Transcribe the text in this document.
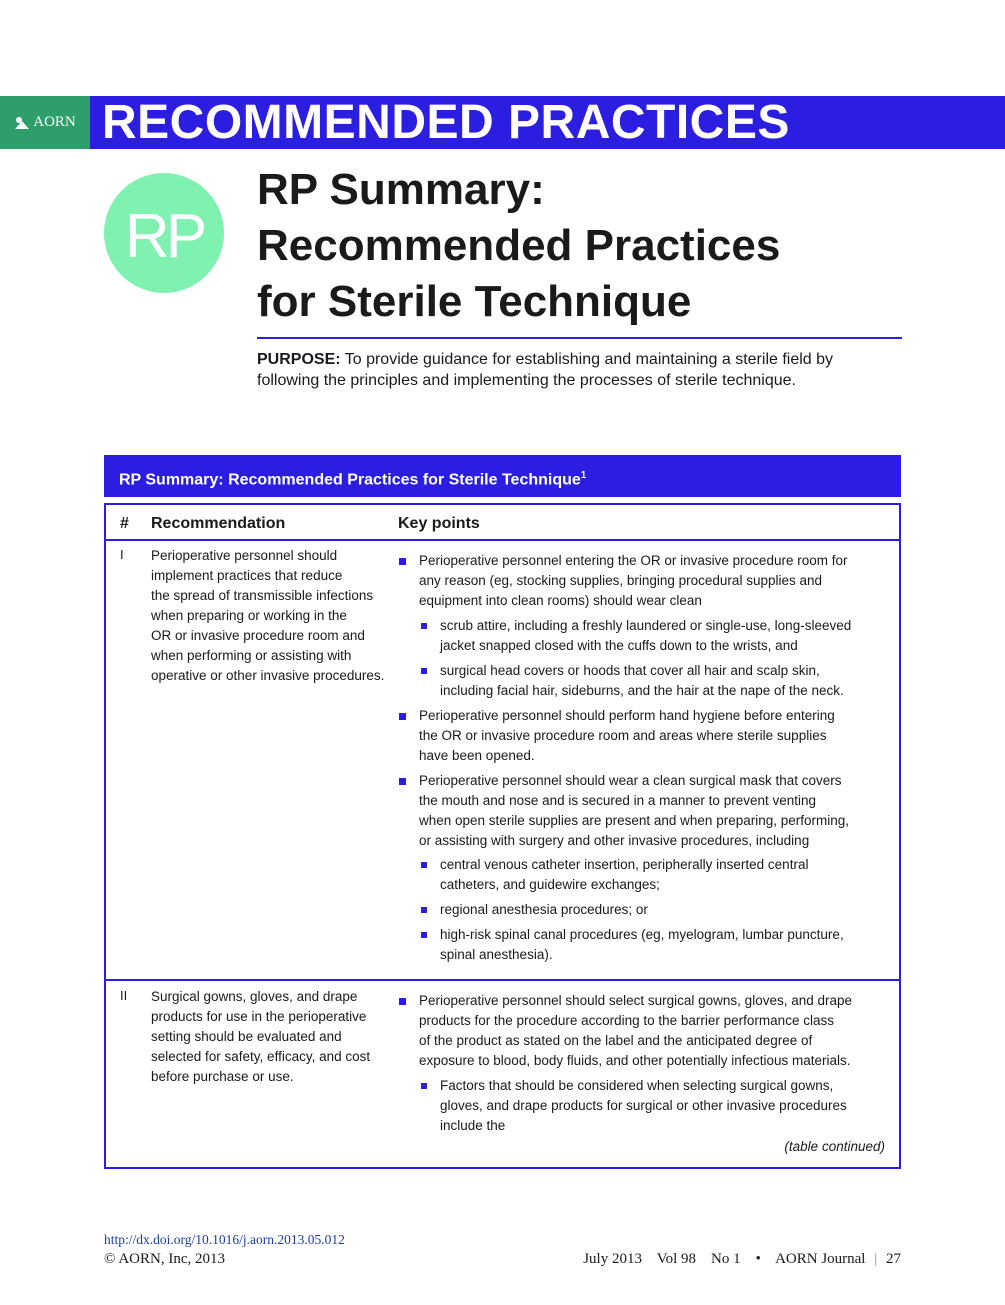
AORN RECOMMENDED PRACTICES
RP
RP Summary:
Recommended Practices
for Sterile Technique
PURPOSE: To provide guidance for establishing and maintaining a sterile field by following the principles and implementing the processes of sterile technique.
RP Summary: Recommended Practices for Sterile Technique$^1$
# Recommendation	Key points
I Perioperative personnel should
implement practices that reduce
the spread of transmissible infections
when preparing or working in the
OR or invasive procedure room and
when performing or assisting with
operative or other invasive procedures.
Perioperative personnel entering the OR or invasive procedure room for
any reason (eg, stocking supplies, bringing procedural supplies and
equipment into clean rooms) should wear clean
scrub attire, including a freshly laundered or single-use, long-sleeved
jacket snapped closed with the cuffs down to the wrists, and
surgical head covers or hoods that cover all hair and scalp skin,
including facial hair, sideburns, and the hair at the nape of the neck.
Perioperative personnel should perform hand hygiene before entering
the OR or invasive procedure room and areas where sterile supplies
have been opened.
Perioperative personnel should wear a clean surgical mask that covers
the mouth and nose and is secured in a manner to prevent venting
when open sterile supplies are present and when preparing, performing,
or assisting with surgery and other invasive procedures, including
central venous catheter insertion, peripherally inserted central
catheters, and guidewire exchanges;
regional anesthesia procedures; or
high-risk spinal canal procedures (eg, myelogram, lumbar puncture,
spinal anesthesia).
II Surgical gowns, gloves, and drape
products for use in the perioperative
setting should be evaluated and
selected for safety, efficacy, and cost
before purchase or use.
Perioperative personnel should select surgical gowns, gloves, and drape
products for the procedure according to the barrier performance class
of the product as stated on the label and the anticipated degree of
exposure to blood, body fluids, and other potentially infectious materials.
Factors that should be considered when selecting surgical gowns,
gloves, and drape products for surgical or other invasive procedures
include the
(table continued)
http://dx.doi.org/10.1016/j.aorn.2013.05.012
© AORN, Inc, 2013	July 2013 Vol 98 No 1 • AORN Journal | 27
